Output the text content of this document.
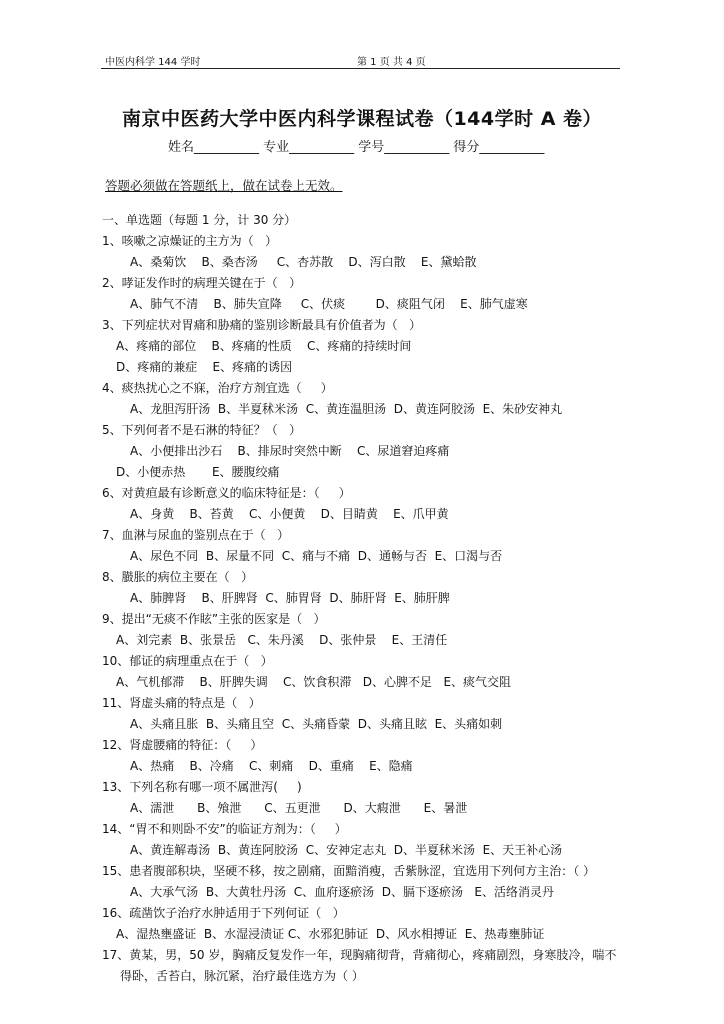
中医内科学 144 学时	第 1 页 共 4 页
南京中医药大学中医内科学课程试卷（144学时 A 卷）
姓名__________ 专业__________ 学号__________ 得分__________
答题必须做在答题纸上，做在试卷上无效。
一、单选题（每题 1 分，计 30 分）
1、咳嗽之凉燥证的主方为（   ）
A、桑菊饮    B、桑杏汤     C、杏苏散    D、泻白散    E、黛蛤散
2、哮证发作时的病理关键在于（   ）
A、肺气不清    B、肺失宣降     C、伏痰        D、痰阻气闭    E、肺气虚寒
3、下列症状对胃痛和胁痛的鉴别诊断最具有价值者为（   ）
A、疼痛的部位    B、疼痛的性质    C、疼痛的持续时间
D、疼痛的兼症    E、疼痛的诱因
4、痰热扰心之不寐，治疗方剂宜选（     ）
A、龙胆泻肝汤  B、半夏秫米汤  C、黄连温胆汤  D、黄连阿胶汤  E、朱砂安神丸
5、下列何者不是石淋的特征？（   ）
A、小便排出沙石    B、排尿时突然中断    C、尿道窘迫疼痛
D、小便赤热       E、腰腹绞痛
6、对黄疸最有诊断意义的临床特征是：（     ）
A、身黄    B、苔黄    C、小便黄    D、目睛黄    E、爪甲黄
7、血淋与尿血的鉴别点在于（   ）
A、尿色不同  B、尿量不同  C、痛与不痛  D、通畅与否  E、口渴与否
8、臌胀的病位主要在（   ）
A、肺脾肾    B、肝脾肾  C、肺胃肾  D、肺肝肾  E、肺肝脾
9、提出“无痰不作眩”主张的医家是（   ）
A、刘完素  B、张景岳   C、朱丹溪    D、张仲景    E、王清任
10、郁证的病理重点在于（   ）
A、气机郁滞    B、肝脾失调    C、饮食积滞   D、心脾不足   E、痰气交阻
11、肾虚头痛的特点是（   ）
A、头痛且胀  B、头痛且空  C、头痛昏蒙  D、头痛且眩  E、头痛如刺
12、肾虚腰痛的特征：（     ）
A、热痛    B、冷痛    C、刺痛    D、重痛    E、隐痛
13、下列名称有哪一项不属泄泻(     )
A、濡泄      B、飧泄      C、五更泄      D、大瘕泄      E、暑泄
14、“胃不和则卧不安”的临证方剂为：（     ）
A、黄连解毒汤  B、黄连阿胶汤  C、安神定志丸  D、半夏秫米汤  E、天王补心汤
15、患者腹部积块，坚硬不移，按之剧痛，面黯消瘦，舌紫脉涩，宜选用下列何方主治：（ ）
A、大承气汤  B、大黄牡丹汤  C、血府逐瘀汤  D、膈下逐瘀汤   E、活络消灵丹
16、疏凿饮子治疗水肿适用于下列何证（   ）
A、湿热壅盛证  B、水湿浸渍证 C、水邪犯肺证  D、风水相搏证  E、热毒壅肺证
17、黄某，男，50 岁，胸痛反复发作一年，现胸痛彻背，背痛彻心，疼痛剧烈，身寒肢冷，喘不得卧，舌苔白，脉沉紧，治疗最佳选方为（ ）
